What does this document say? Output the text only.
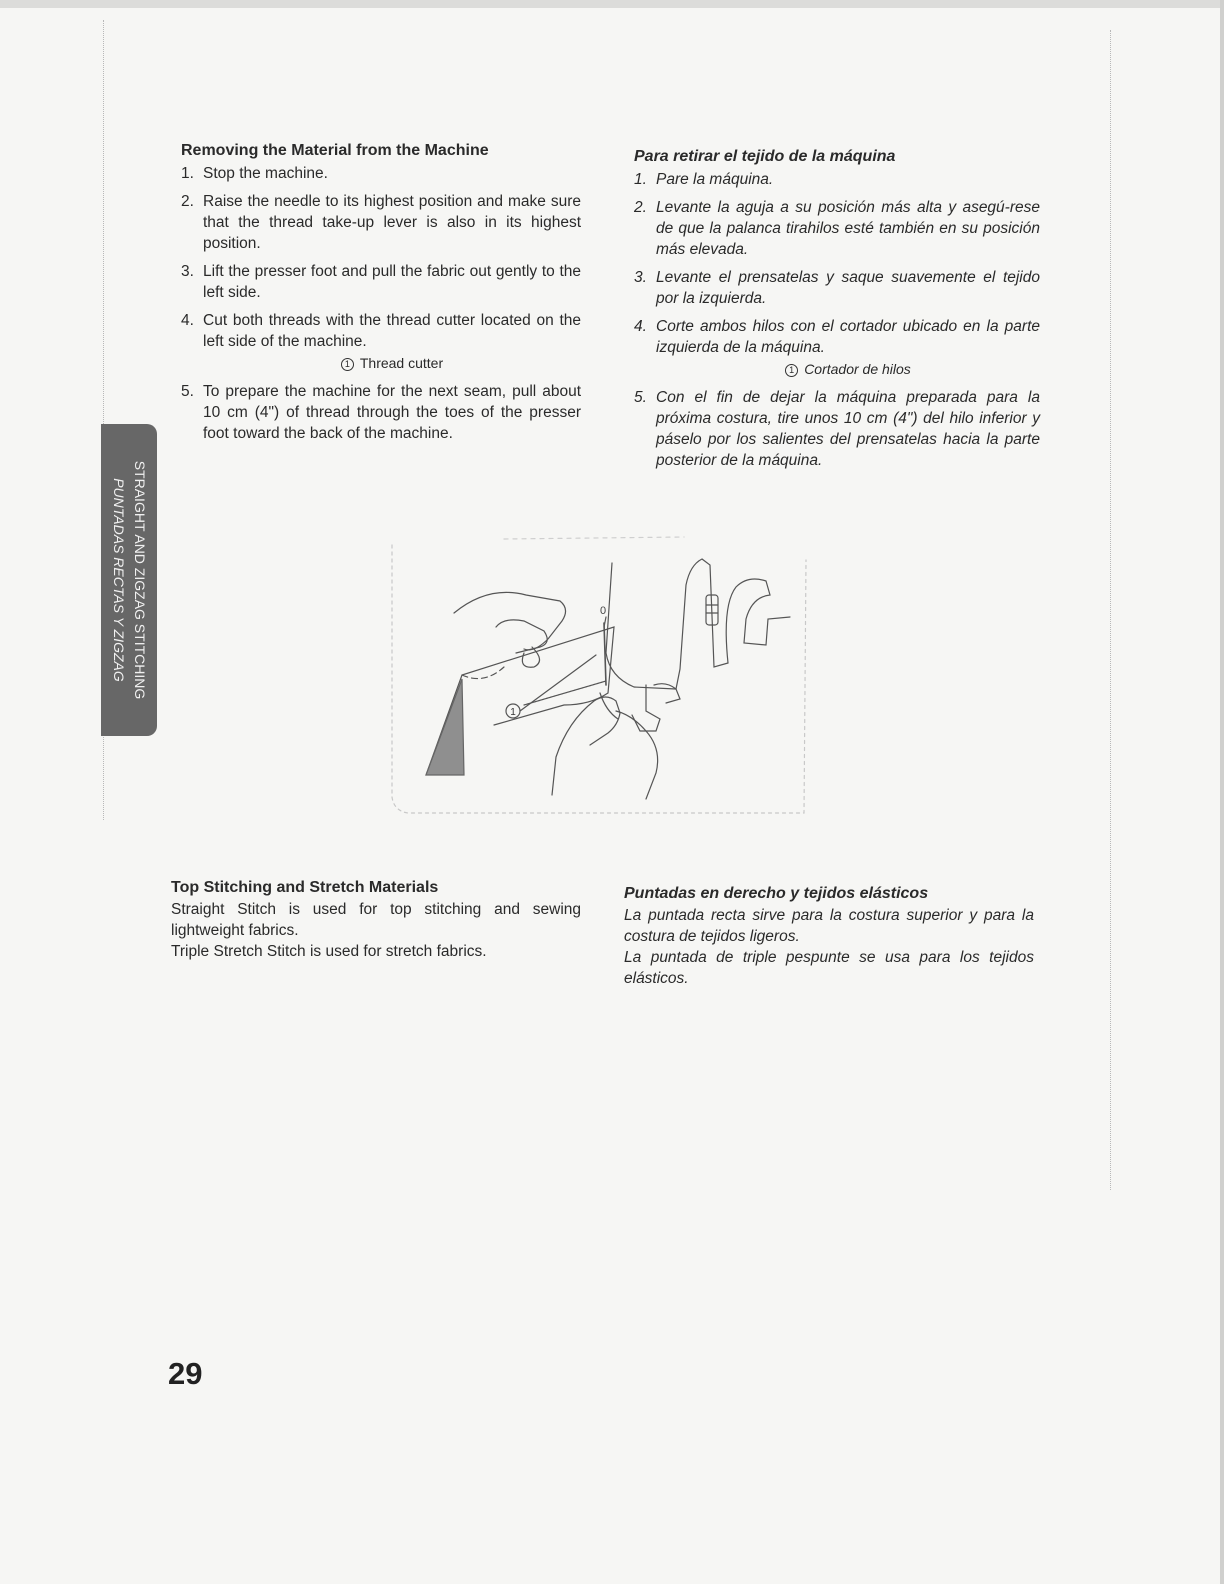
Removing the Material from the Machine
1. Stop the machine.
2. Raise the needle to its highest position and make sure that the thread take-up lever is also in its highest position.
3. Lift the presser foot and pull the fabric out gently to the left side.
4. Cut both threads with the thread cutter located on the left side of the machine.
1 Thread cutter
5. To prepare the machine for the next seam, pull about 10 cm (4") of thread through the toes of the presser foot toward the back of the machine.
Para retirar el tejido de la máquina
1. Pare la máquina.
2. Levante la aguja a su posición más alta y asegú-rese de que la palanca tirahilos esté también en su posición más elevada.
3. Levante el prensatelas y saque suavemente el tejido por la izquierda.
4. Corte ambos hilos con el cortador ubicado en la parte izquierda de la máquina.
1 Cortador de hilos
5. Con el fin de dejar la máquina preparada para la próxima costura, tire unos 10 cm (4") del hilo inferior y páselo por los salientes del prensatelas hacia la parte posterior de la máquina.
STRAIGHT AND ZIGZAG STITCHING
PUNTADAS RECTAS Y ZIGZAG
1
0
Top Stitching and Stretch Materials

Straight Stitch is used for top stitching and sewing lightweight fabrics.

Triple Stretch Stitch is used for stretch fabrics.

Puntadas en derecho y tejidos elásticos

La puntada recta sirve para la costura superior y para la costura de tejidos ligeros.

La puntada de triple pespunte se usa para los tejidos elásticos.

29
